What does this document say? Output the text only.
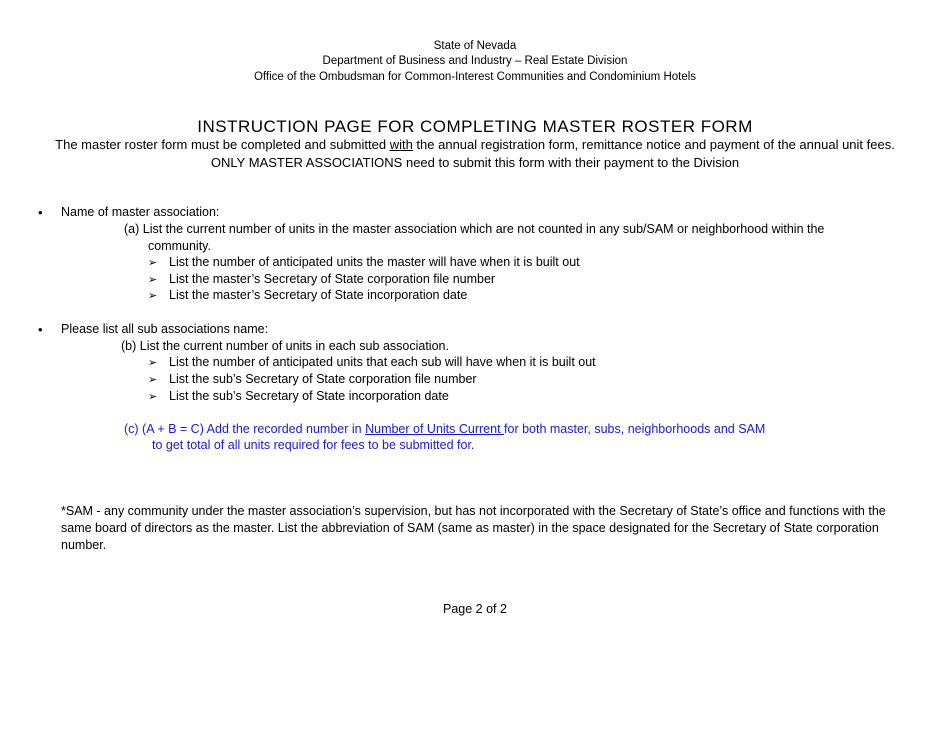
State of Nevada
Department of Business and Industry – Real Estate Division
Office of the Ombudsman for Common-Interest Communities and Condominium Hotels
INSTRUCTION PAGE FOR COMPLETING MASTER ROSTER FORM
The master roster form must be completed and submitted with the annual registration form, remittance notice and payment of the annual unit fees.
ONLY MASTER ASSOCIATIONS need to submit this form with their payment to the Division
• Name of master association:
(a) List the current number of units in the master association which are not counted in any sub/SAM or neighborhood within the
community.
➢ List the number of anticipated units the master will have when it is built out
➢ List the master’s Secretary of State corporation file number
➢ List the master’s Secretary of State incorporation date
• Please list all sub associations name:
(b) List the current number of units in each sub association.
➢ List the number of anticipated units that each sub will have when it is built out
➢ List the sub’s Secretary of State corporation file number
➢ List the sub’s Secretary of State incorporation date
(c) (A + B = C) Add the recorded number in Number of Units Current for both master, subs, neighborhoods and SAM
to get total of all units required for fees to be submitted for.
*SAM - any community under the master association’s supervision, but has not incorporated with the Secretary of State’s office and functions with the
same board of directors as the master. List the abbreviation of SAM (same as master) in the space designated for the Secretary of State corporation
number.
Page 2 of 2
